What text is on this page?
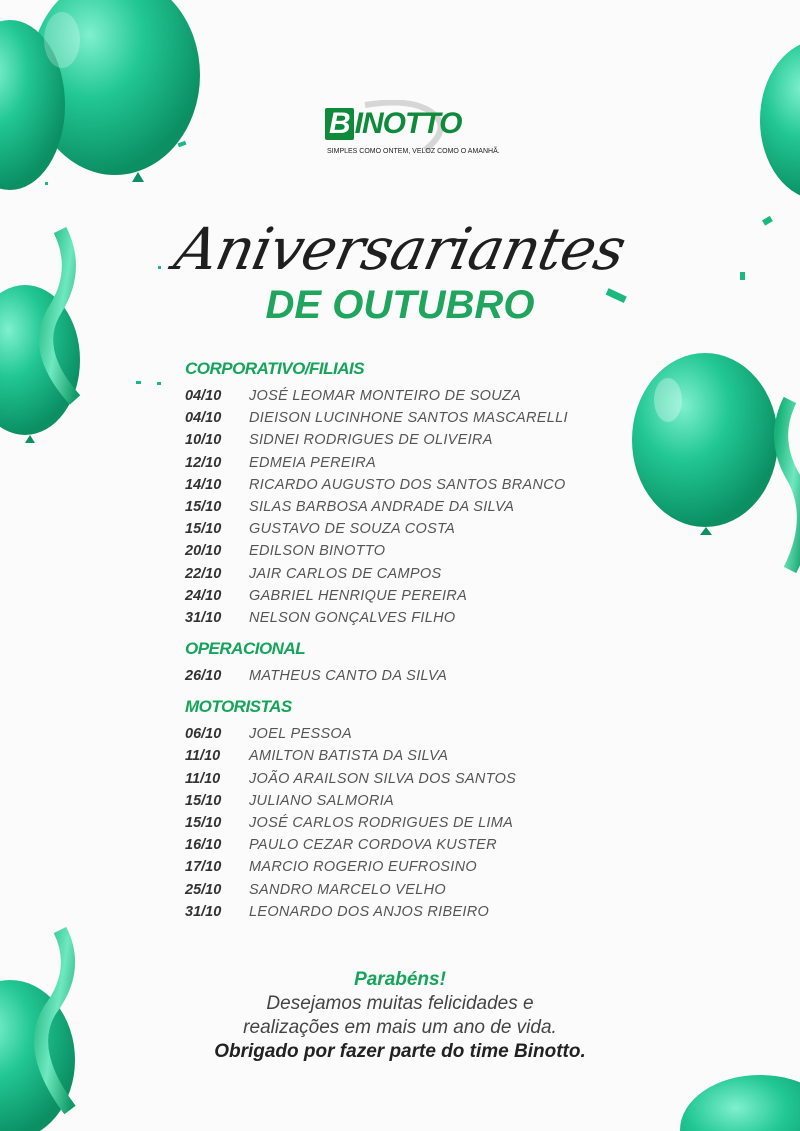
B INOTTO
SIMPLES COMO ONTEM, VELOZ COMO O AMANHÃ.
Aniversariantes
DE OUTUBRO
CORPORATIVO/FILIAIS
04/10 JOSÉ LEOMAR MONTEIRO DE SOUZA
04/10 DIEISON LUCINHONE SANTOS MASCARELLI
10/10 SIDNEI RODRIGUES DE OLIVEIRA
12/10 EDMEIA PEREIRA
14/10 RICARDO AUGUSTO DOS SANTOS BRANCO
15/10 SILAS BARBOSA ANDRADE DA SILVA
15/10 GUSTAVO DE SOUZA COSTA
20/10 EDILSON BINOTTO
22/10 JAIR CARLOS DE CAMPOS
24/10 GABRIEL HENRIQUE PEREIRA
31/10 NELSON GONÇALVES FILHO
OPERACIONAL
26/10 MATHEUS CANTO DA SILVA
MOTORISTAS
06/10 JOEL PESSOA
11/10 AMILTON BATISTA DA SILVA
11/10 JOÃO ARAILSON SILVA DOS SANTOS
15/10 JULIANO SALMORIA
15/10 JOSÉ CARLOS RODRIGUES DE LIMA
16/10 PAULO CEZAR CORDOVA KUSTER
17/10 MARCIO ROGERIO EUFROSINO
25/10 SANDRO MARCELO VELHO
31/10 LEONARDO DOS ANJOS RIBEIRO
Parabéns!
Desejamos muitas felicidades e
realizações em mais um ano de vida.
Obrigado por fazer parte do time Binotto.
